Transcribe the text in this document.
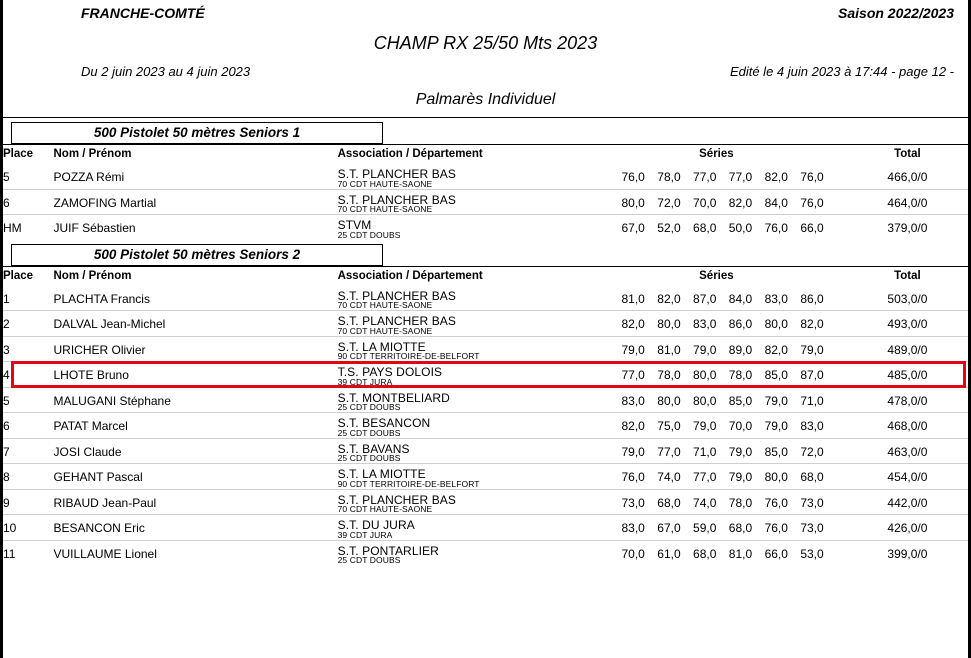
FRANCHE-COMTÉ	Saison 2022/2023
CHAMP RX 25/50 Mts 2023
Du 2 juin 2023 au 4 juin 2023	Edité le 4 juin 2023 à 17:44 - page 12 -
Palmarès Individuel
500 Pistolet 50 mètres Seniors 1
Place	Nom / Prénom	Association / Département	Séries							Total
5	POZZA Rémi	S.T. PLANCHER BAS
70 CDT HAUTE-SAONE	76,0	78,0	77,0	77,0	82,0	76,0		466,0/0
6	ZAMOFING Martial	S.T. PLANCHER BAS
70 CDT HAUTE-SAONE	80,0	72,0	70,0	82,0	84,0	76,0		464,0/0
HM	JUIF Sébastien	STVM
25 CDT DOUBS	67,0	52,0	68,0	50,0	76,0	66,0		379,0/0
500 Pistolet 50 mètres Seniors 2
Place	Nom / Prénom	Association / Département	Séries							Total
1	PLACHTA Francis	S.T. PLANCHER BAS
70 CDT HAUTE-SAONE	81,0	82,0	87,0	84,0	83,0	86,0		503,0/0
2	DALVAL Jean-Michel	S.T. PLANCHER BAS
70 CDT HAUTE-SAONE	82,0	80,0	83,0	86,0	80,0	82,0		493,0/0
3	URICHER Olivier	S.T. LA MIOTTE
90 CDT TERRITOIRE-DE-BELFORT	79,0	81,0	79,0	89,0	82,0	79,0		489,0/0
4	LHOTE Bruno	T.S. PAYS DOLOIS
39 CDT JURA	77,0	78,0	80,0	78,0	85,0	87,0		485,0/0
5	MALUGANI Stéphane	S.T. MONTBELIARD
25 CDT DOUBS	83,0	80,0	80,0	85,0	79,0	71,0		478,0/0
6	PATAT Marcel	S.T. BESANCON
25 CDT DOUBS	82,0	75,0	79,0	70,0	79,0	83,0		468,0/0
7	JOSI Claude	S.T. BAVANS
25 CDT DOUBS	79,0	77,0	71,0	79,0	85,0	72,0		463,0/0
8	GEHANT Pascal	S.T. LA MIOTTE
90 CDT TERRITOIRE-DE-BELFORT	76,0	74,0	77,0	79,0	80,0	68,0		454,0/0
9	RIBAUD Jean-Paul	S.T. PLANCHER BAS
70 CDT HAUTE-SAONE	73,0	68,0	74,0	78,0	76,0	73,0		442,0/0
10	BESANCON Eric	S.T. DU JURA
39 CDT JURA	83,0	67,0	59,0	68,0	76,0	73,0		426,0/0
11	VUILLAUME Lionel	S.T. PONTARLIER
25 CDT DOUBS	70,0	61,0	68,0	81,0	66,0	53,0		399,0/0
